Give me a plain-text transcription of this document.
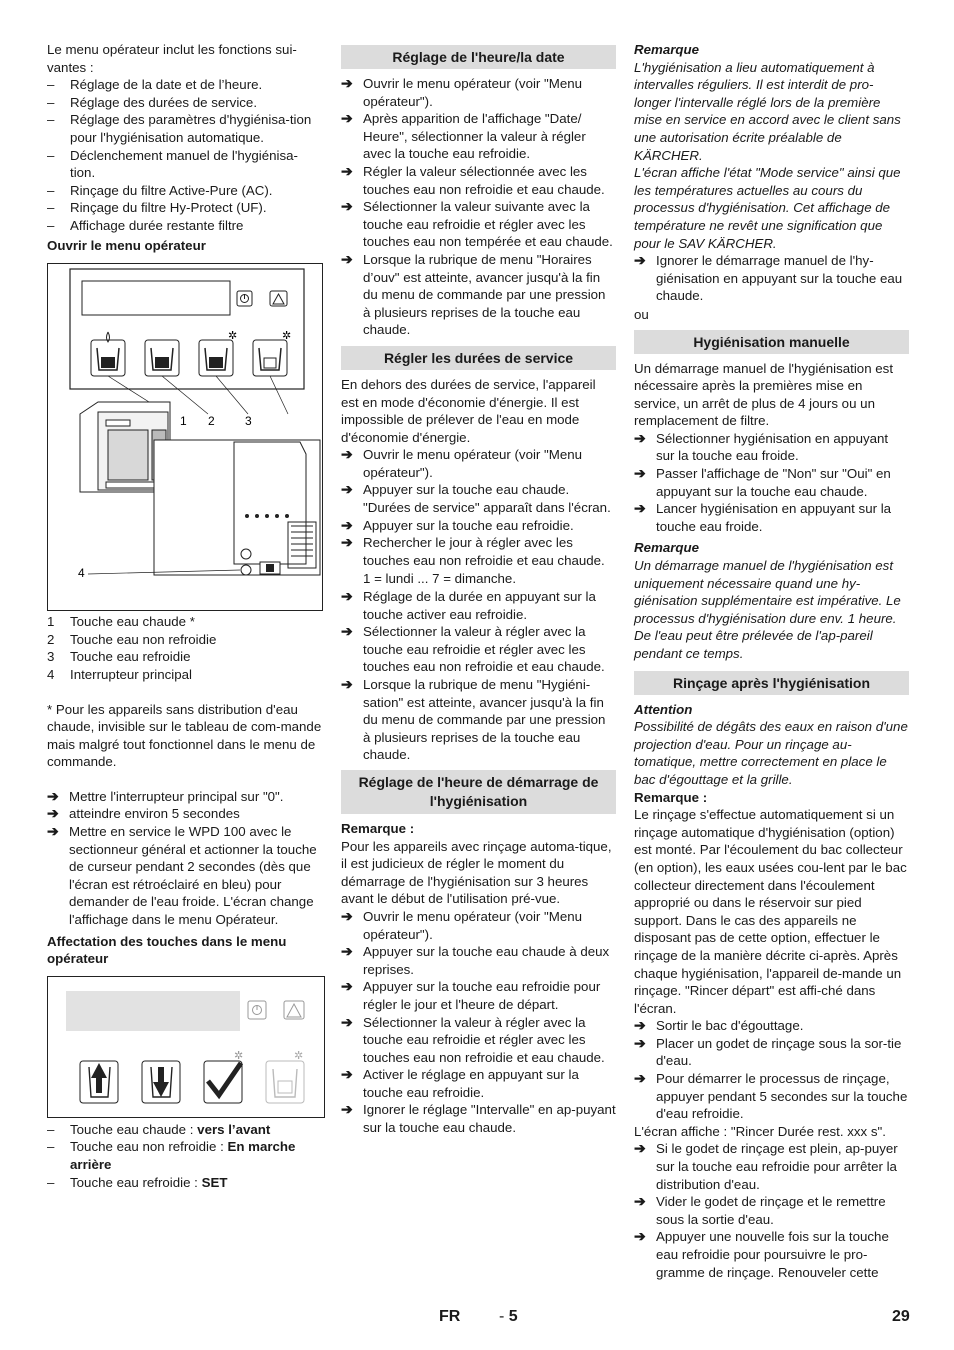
Le menu opérateur inclut les fonctions sui-vantes :

–	Réglage de la date et de l’heure.
–	Réglage des durées de service.
–	Réglage des paramètres d'hygiénisa-tion pour l'hygiénisation automatique.
–	Déclenchement manuel de l'hygiénisa-tion.
–	Rinçage du filtre Active-Pure (AC).
–	Rinçage du filtre Hy-Protect (UF).
–	Affichage durée restante filtre

Ouvrir le menu opérateur

✲	✲
1 2	3
4
1	Touche eau chaude *
2	Touche eau non refroidie
3	Touche eau refroidie
4	Interrupteur principal

* Pour les appareils sans distribution d'eau chaude, invisible sur le tableau de com-mande mais malgré tout fonctionnel dans le menu de commande.

➔ Mettre l'interrupteur principal sur "0".
➔ atteindre environ 5 secondes
➔ Mettre en service le WPD 100 avec le sectionneur général et actionner la touche de curseur pendant 2 secondes (dès que l'écran est rétroéclairé en bleu) pour demander de l'eau froide. L'écran change l'affichage dans le menu Opérateur.

Affectation des touches dans le menu opérateur

✲	✲
–	Touche eau chaude : vers l’avant
–	Touche eau non refroidie : En marche arrière
–	Touche eau refroidie : SET
Réglage de l'heure/la date
➔ Ouvrir le menu opérateur (voir "Menu opérateur").
➔ Après apparition de l'affichage "Date/ Heure", sélectionner la valeur à régler avec la touche eau refroidie.
➔ Régler la valeur sélectionnée avec les touches eau non refroidie et eau chaude.
➔ Sélectionner la valeur suivante avec la touche eau refroidie et régler avec les touches eau non tempérée et eau chaude.
➔ Lorsque la rubrique de menu "Horaires d’ouv" est atteinte, avancer jusqu'à la fin du menu de commande par une pression à plusieurs reprises de la touche eau chaude.
Régler les durées de service

En dehors des durées de service, l'appareil est en mode d'économie d'énergie. Il est impossible de prélever de l'eau en mode d'économie d'énergie.

➔ Ouvrir le menu opérateur (voir "Menu opérateur").
➔ Appuyer sur la touche eau chaude. "Durées de service" apparaît dans l'écran.
➔ Appuyer sur la touche eau refroidie.
➔ Rechercher le jour à régler avec les touches eau non refroidie et eau chaude.

1 = lundi ... 7 = dimanche.

➔ Réglage de la durée en appuyant sur la touche activer eau refroidie.
➔ Sélectionner la valeur à régler avec la touche eau refroidie et régler avec les touches eau non refroidie et eau chaude.
➔ Lorsque la rubrique de menu "Hygiéni-sation" est atteinte, avancer jusqu'à la fin du menu de commande par une pression à plusieurs reprises de la touche eau chaude.
Réglage de l'heure de démarrage de l'hygiénisation

Remarque :

Pour les appareils avec rinçage automa-tique, il est judicieux de régler le moment du démarrage de l'hygiénisation sur 3 heures avant le début de l'utilisation pré-vue.

➔ Ouvrir le menu opérateur (voir "Menu opérateur").
➔ Appuyer sur la touche eau chaude à deux reprises.
➔ Appuyer sur la touche eau refroidie pour régler le jour et l'heure de départ.
➔ Sélectionner la valeur à régler avec la touche eau refroidie et régler avec les touches eau non refroidie et eau chaude.
➔ Activer le réglage en appuyant sur la touche eau refroidie.
➔ Ignorer le réglage "Intervalle" en ap-puyant sur la touche eau chaude.

Remarque

L'hygiénisation a lieu automatiquement à intervalles réguliers. Il est interdit de pro-longer l'intervalle réglé lors de la première mise en service en accord avec le client sans une autorisation écrite préalable de KÄRCHER.

L'écran affiche l'état "Mode service" ainsi que les températures actuelles au cours du processus d'hygiénisation. Cet affichage de température ne revêt une signification que pour le SAV KÄRCHER.

➔ Ignorer le démarrage manuel de l'hy-giénisation en appuyant sur la touche eau chaude.

ou

Hygiénisation manuelle

Un démarrage manuel de l'hygiénisation est nécessaire après la premières mise en service, un arrêt de plus de 4 jours ou un remplacement de filtre.

➔ Sélectionner hygiénisation en appuyant sur la touche eau froide.
➔ Passer l'affichage de "Non" sur "Oui" en appuyant sur la touche eau chaude.
➔ Lancer hygiénisation en appuyant sur la touche eau froide.

Remarque

Un démarrage manuel de l'hygiénisation est uniquement nécessaire quand une hy-giénisation supplémentaire est impérative. Le processus d'hygiénisation dure env. 1 heure. De l'eau peut être prélevée de l'ap-pareil pendant ce temps.

Rinçage après l'hygiénisation

Attention

Possibilité de dégâts des eaux en raison d'une projection d'eau. Pour un rinçage au-tomatique, mettre correctement en place le bac d'égouttage et la grille.

Remarque :

Le rinçage s'effectue automatiquement si un rinçage automatique d'hygiénisation (option) est monté. Par l'écoulement du bac collecteur (en option), les eaux usées cou-lent par le bac collecteur directement dans l'écoulement approprié ou dans le réservoir sur pied support. Dans le cas des appareils ne disposant pas de cette option, effectuer le rinçage de la manière décrite ci-après. Après chaque hygiénisation, l'appareil de-mande un rinçage. "Rincer départ" est affi-ché dans l'écran.

➔ Sortir le bac d'égouttage.
➔ Placer un godet de rinçage sous la sor-tie d'eau.
➔ Pour démarrer le processus de rinçage, appuyer pendant 5 secondes sur la touche d'eau refroidie.

L'écran affiche : "Rincer Durée rest. xxx s".

➔ Si le godet de rinçage est plein, ap-puyer sur la touche eau refroidie pour arrêter la distribution d'eau.
➔ Vider le godet de rinçage et le remettre sous la sortie d'eau.
➔ Appuyer une nouvelle fois sur la touche eau refroidie pour poursuivre le pro-gramme de rinçage. Renouveler cette
FR - 5	29
